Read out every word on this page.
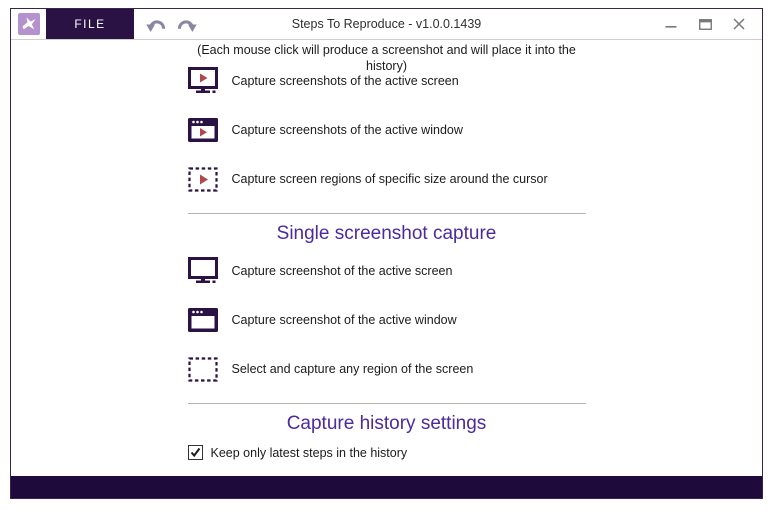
FILE	Steps To Reproduce - v1.0.0.1439
(Each mouse click will produce a screenshot and will place it into the history)
Capture screenshots of the active screen
Capture screenshots of the active window
Capture screen regions of specific size around the cursor
Single screenshot capture
Capture screenshot of the active screen
Capture screenshot of the active window
Select and capture any region of the screen
Capture history settings
Keep only latest steps in the history
